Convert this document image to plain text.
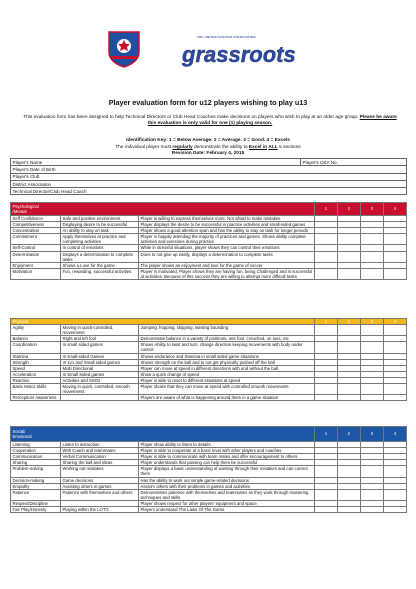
THE UNITED SOCCER ASSOCIATION
grassroots
Player evaluation form for u12 players wishing to play u13
This evaluation form has been designed to help Technical Directors or Club Head Coaches make decisions on players who wish to play at an older age group. Please be aware this evaluation is only valid for one (1) playing season.
Identification Key: 1 = Below Average. 2 = Average. 3 = Good. 4 = Excels
The individual player must regularly demonstrate the ability to Excel in ALL 5 sections
Revision Date: February 4, 2015
Player's Name	Player's OSA No.
Player's Date of Birth
Player's Club
District Association
Technical Director/Club Head Coach
Psychological
/Mental			1	2	3	4
Self Confidence	Safe and positive environment	Player is willing to express themselves more. Not afraid to make mistakes				
Competitiveness	Displaying desire to be successful	Player displays the desire to be successful in practice activities and small-sided games				
Concentration	An ability to stay on task	Player shows a good attention span and has the ability to stay on task for longer periods				
Commitment	Apply themselves at practice and completing activities	Player is happily attending the majority of practices and games. Shows ability complete activities and exercises during practice				
Self-Control	In control of emotions	While in stressful situations, player shows they can control their emotions				
Determination	Displays a determination to complete tasks	Does to not give up easily, displays a determination to complete tasks				
Enjoyment	Shows a Love for the game	The player shows an enjoyment and love for the game of soccer				
Motivation	Fun, rewarding, successful activities	Player is motivated, Player shows they are having fun, being Challenged and is successful at activities. Because of this success they are willing to attempt more difficult tasks				
Physical			1	2	3	4
Agility	Moving in quick-controlled, movements	Jumping, hopping, skipping, twisting bounding				
Balance	Right and left foot	Demonstrate balance in a variety of positions, one foot, crouched, on toes, etc				
Coordination	In small sided games	Shows Ability to twist and turn, change direction keeping movements with body under control				
Stamina	In small-sided Games	Shows endurance and Stamina in small sided game situations				
Strength	In 1v1 and Small sided games	Shows strength on the ball and to not get physically pushed off the ball				
Speed	Multi Directional	Player can move at speed in different directions with and without the ball				
Acceleration	In Small Sided games	Show a quick change of speed				
Reaction	Activities and SSGs	Player is able to react to different situations at speed				
Basic Motor Skills	Moving in quick, controlled, smooth movements	Player shows that they can move at speed with controlled smooth movements				
Perception/ Awareness		Players are aware of what is happening around them in a game situation				
Social/
Emotional			1	2	3	4
Listening	Listen to instruction	Player show ability to listen to details.				
Cooperation	With Coach and teammates	Player is able to cooperate at a basic level with other players and coaches				
Communication	Verbal Communication	Player is able to communicate with team mates and offer encouragement to others				
Sharing	Sharing the ball and Ideas	Player understands that passing can help them be successful				
Problem-solving	Working out mistakes	Player displays a basic understanding of working through their mistakes and can correct them				
Decision-making	Game decisions	Has the ability to work out simple game-related decisions.				
Empathy	Assisting others in games	Assist's others with their problems in games and activities				
Patience	Patience with themselves and others	Demonstrates patience with themselves and teammates as they work through mastering techniques and skills				
Respect/Discipline		Player shows respect for other players' equipment and space.				
Fair Play/Honesty	Playing within the LOTG	Players understand The Laws Of The Game				
